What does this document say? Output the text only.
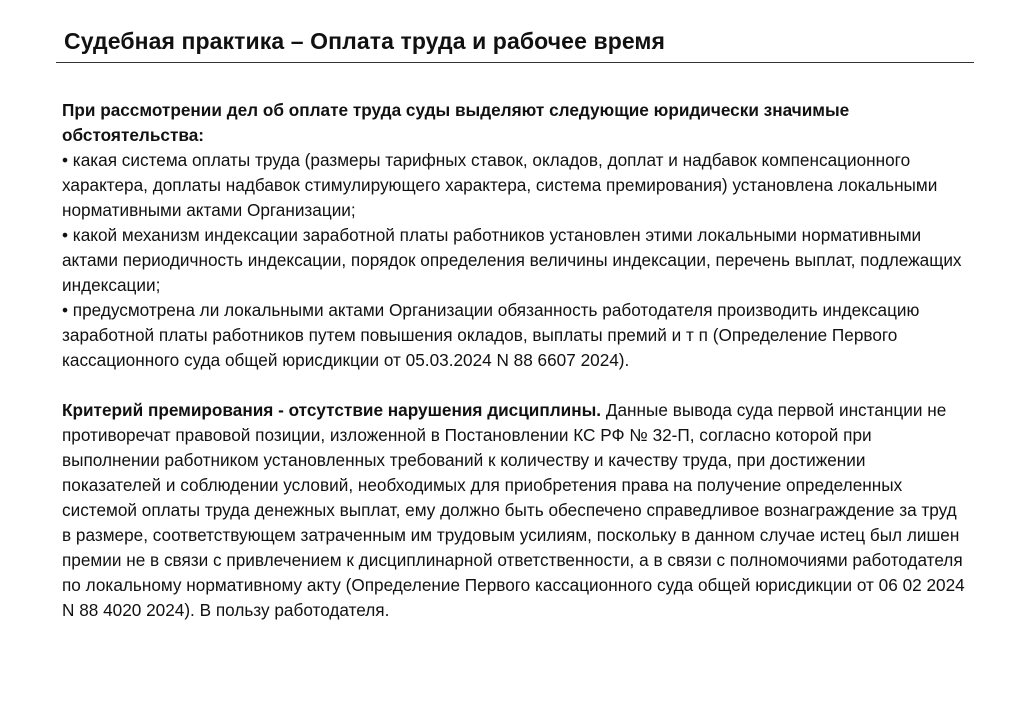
Судебная практика – Оплата труда и рабочее время

При рассмотрении дел об оплате труда суды выделяют следующие юридически значимые обстоятельства:

• какая система оплаты труда (размеры тарифных ставок, окладов, доплат и надбавок компенсационного характера, доплаты надбавок стимулирующего характера, система премирования) установлена локальными нормативными актами Организации;

• какой механизм индексации заработной платы работников установлен этими локальными нормативными актами периодичность индексации, порядок определения величины индексации, перечень выплат, подлежащих индексации;

• предусмотрена ли локальными актами Организации обязанность работодателя производить индексацию заработной платы работников путем повышения окладов, выплаты премий и т п (Определение Первого кассационного суда общей юрисдикции от 05.03.2024 N 88 6607 2024).

Критерий премирования - отсутствие нарушения дисциплины. Данные вывода суда первой инстанции не противоречат правовой позиции, изложенной в Постановлении КС РФ № 32-П, согласно которой при выполнении работником установленных требований к количеству и качеству труда, при достижении показателей и соблюдении условий, необходимых для приобретения права на получение определенных системой оплаты труда денежных выплат, ему должно быть обеспечено справедливое вознаграждение за труд в размере, соответствующем затраченным им трудовым усилиям, поскольку в данном случае истец был лишен премии не в связи с привлечением к дисциплинарной ответственности, а в связи с полномочиями работодателя по локальному нормативному акту (Определение Первого кассационного суда общей юрисдикции от 06 02 2024 N 88 4020 2024). В пользу работодателя.
